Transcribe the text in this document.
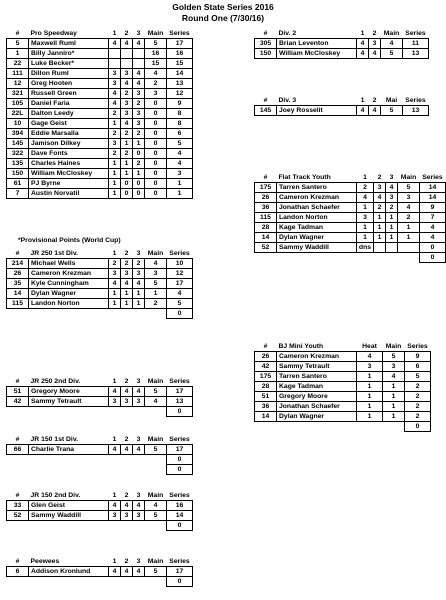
Golden State Series 2016
Round One (7/30/16)
#	Pro Speedway	1	2	3	Main	Series
5	Maxwell Ruml	4	4	4	5	17
1	Billy Janniro*				16	16
22	Luke Becker*				15	15
111	Dillon Ruml	3	3	4	4	14
12	Greg Hooten	3	4	4	2	13
321	Russell Green	4	2	3	3	12
105	Daniel Faria	4	3	2	0	9
22L	Dalton Leedy	2	3	3	0	8
10	Gage Geist	1	4	3	0	8
394	Eddie Marsalla	2	2	2	0	6
145	Jamison Dilkey	3	1	1	0	5
322	Dave Fonts	2	2	0	0	4
135	Charles Haines	1	1	2	0	4
150	William McCloskey	1	1	1	0	3
61	PJ Byrne	1	0	0	0	1
7	Austin Norvatil	1	0	0	0	1
*Provisional Points (World Cup)
#	JR 250 1st Div.	1	2	3	Main	Series
214	Michael Wells	2	2	2	4	10
26	Cameron Krezman	3	3	3	3	12
35	Kyle Cunningham	4	4	4	5	17
14	Dylan Wagner	1	1	1	1	4
115	Landon Norton	1	1	1	2	5
						0
#	JR 250 2nd Div.	1	2	3	Main	Series
51	Gregory Moore	4	4	4	5	17
42	Sammy Tetrault	3	3	3	4	13
						0
#	JR 150 1st Div.	1	2	3	Main	Series
66	Charlie Trana	4	4	4	5	17
						0
						0
#	JR 150 2nd Div.	1	2	3	Main	Series
33	Glen Geist	4	4	4	4	16
52	Sammy Waddill	3	3	3	5	14
						0
#	Peewees	1	2	3	Main	Series
6	Addison Kronlund	4	4	4	5	17
						0
#	Div. 2	1	2	Main	Series
305	Brian Leventon	4	3	4	11
150	William McCloskey	4	4	5	13
#	Div. 3	1	2	Mai	Series
145	Joey Rosselit	4	4	5	13
#	Flat Track Youth	1	2	3	Main	Series
175	Tarren Santero	2	3	4	5	14
26	Cameron Krezman	4	4	3	3	14
36	Jonathan Schaefer	1	2	2	4	9
115	Landon Norton	3	1	1	2	7
28	Kage Tadman	1	1	1	1	4
14	Dylan Wagner	1	1	1	1	4
52	Sammy Waddill	dns				0
						0
#	BJ Mini Youth	Heat	Main	Series
26	Cameron Krezman	4	5	9
42	Sammy Tetrault	3	3	6
175	Tarren Santero	1	4	5
28	Kage Tadman	1	1	2
51	Gregory Moore	1	1	2
36	Jonathan Schaefer	1	1	2
14	Dylan Wagner	1	1	2
				0
